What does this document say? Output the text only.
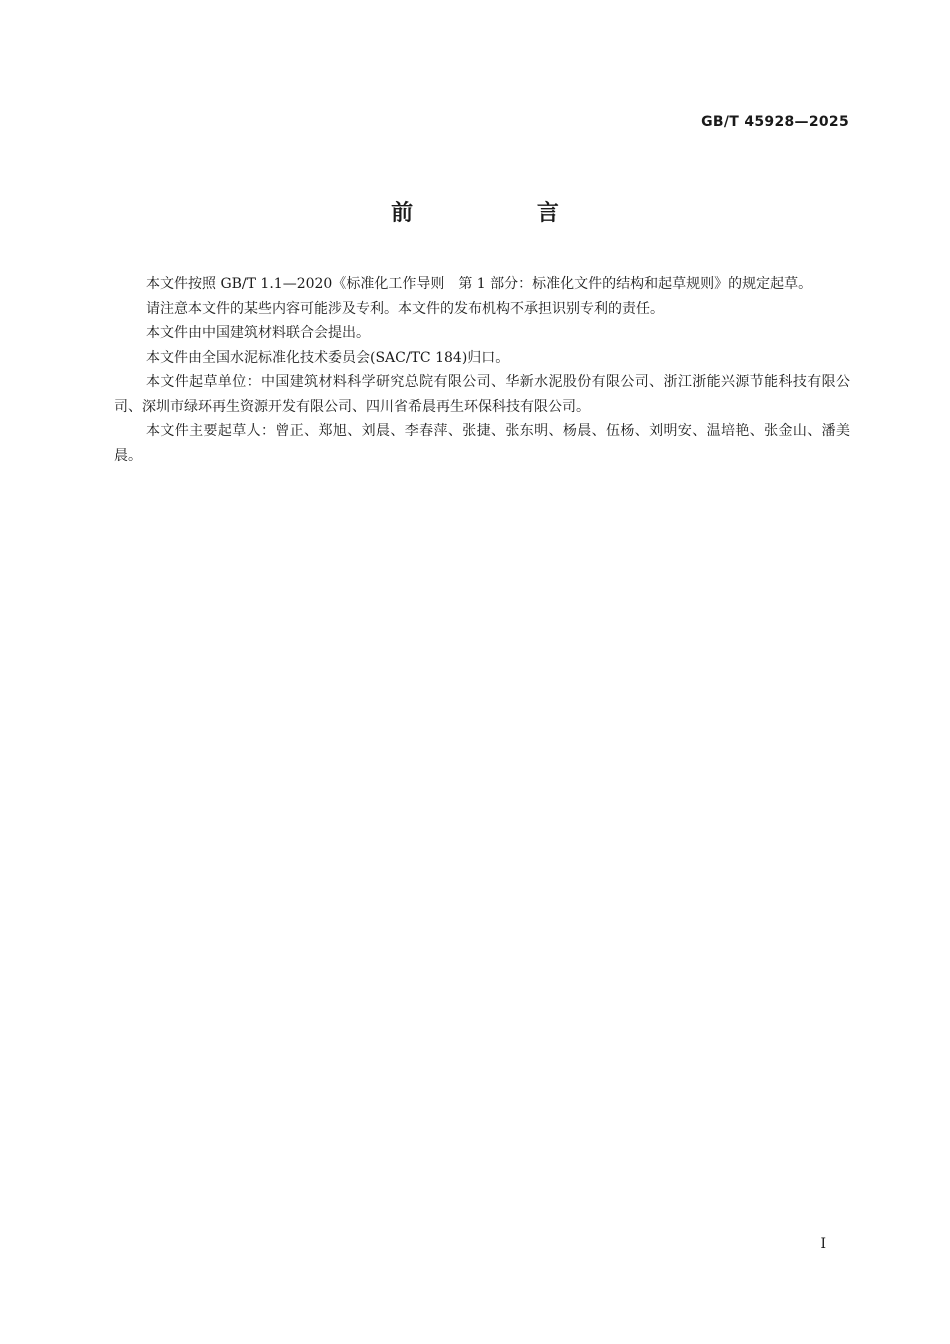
GB/T 45928—2025
前 言

本文件按照 GB/T 1.1—2020《标准化工作导则　第 1 部分：标准化文件的结构和起草规则》的规定起草。

请注意本文件的某些内容可能涉及专利。本文件的发布机构不承担识别专利的责任。

本文件由中国建筑材料联合会提出。

本文件由全国水泥标准化技术委员会(SAC/TC 184)归口。

本文件起草单位：中国建筑材料科学研究总院有限公司、华新水泥股份有限公司、浙江浙能兴源节能科技有限公司、深圳市绿环再生资源开发有限公司、四川省希晨再生环保科技有限公司。

本文件主要起草人：曾正、郑旭、刘晨、李春萍、张捷、张东明、杨晨、伍杨、刘明安、温培艳、张金山、潘美晨。

I
